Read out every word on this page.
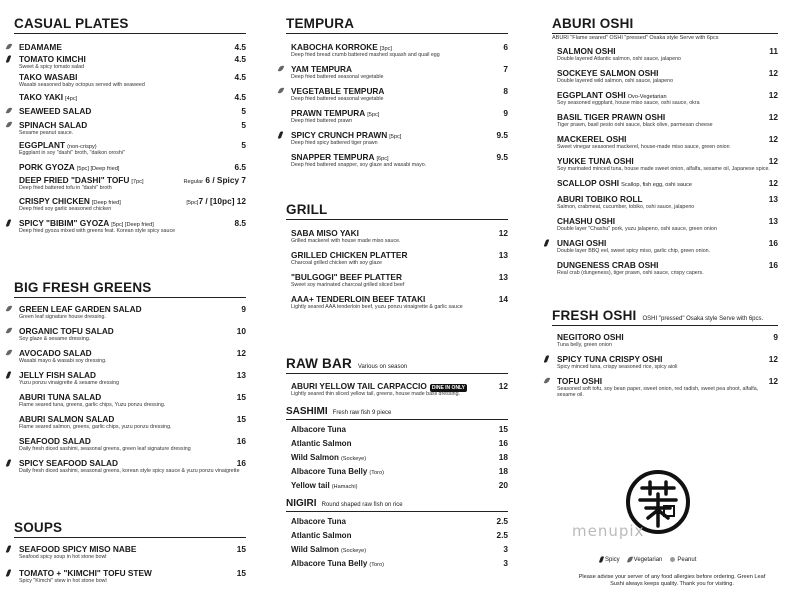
CASUAL PLATES
EDAMAME	4.5
TOMATO KIMCHI	4.5
Sweet & spicy tomato salad
TAKO WASABI	4.5
Wasabi seasoned baby octopus served with seaweed
TAKO YAKI [4pc]	4.5
SEAWEED SALAD	5
SPINACH SALAD	5
Sesame peanut sauce.
EGGPLANT (non-crispy)	5
Eggplant in soy "dashi" broth, "daikon oroshi"
PORK GYOZA [5pc] [Deep fried]	6.5
DEEP FRIED "DASHI" TOFU [7pc]	Regular 6 / Spicy 7
Deep fried battered tofu in "dashi" broth
CRISPY CHICKEN [Deep fried]	[5pc]7 / [10pc] 12
Deep fried soy garlic seasoned chicken
SPICY "BIBIM" GYOZA [5pc] [Deep fried]	8.5
Deep fried gyoza mixed with greens feat. Korean style spicy sauce
BIG FRESH GREENS
GREEN LEAF GARDEN SALAD	9
Green leaf signature house dressing.
ORGANIC TOFU SALAD	10
Soy glaze & sesame dressing.
AVOCADO SALAD	12
Wasabi mayo & wasabi soy dressing.
JELLY FISH SALAD	13
Yuzu ponzu vinaigrette & sesame dressing
ABURI TUNA SALAD	15
Flame seared tuna, greens, garlic chips, Yuzu ponzu dressing.
ABURI SALMON SALAD	15
Flame seared salmon, greens, garlic chips, yuzu ponzu dressing.
SEAFOOD SALAD	16
Daily fresh diced sashimi, seasonal greens, green leaf signature dressing
SPICY SEAFOOD SALAD	16
Daily fresh diced sashimi, seasonal greens, korean style spicy sauce & yuzu ponzu vinaigrette
SOUPS
SEAFOOD SPICY MISO NABE	15
Seafood spicy soup in hot stone bowl
TOMATO + "KIMCHI" TOFU STEW	15
Spicy "Kimchi" stew in hot stone bowl
TEMPURA
KABOCHA KORROKE [3pc]	6
Deep fried bread crumb battered mashed squash and quail egg
YAM TEMPURA	7
Deep fried battered seasonal vegetable
VEGETABLE TEMPURA	8
Deep fried battered seasonal vegetable
PRAWN TEMPURA [5pc]	9
Deep fried battered prawn
SPICY CRUNCH PRAWN [5pc]	9.5
Deep fried spicy battered tiger prawn
SNAPPER TEMPURA [6pc]	9.5
Deep fried battered snapper, soy glaze and wasabi mayo.
GRILL
SABA MISO YAKI	12
Grilled mackerel with house made miso sauce.
GRILLED CHICKEN PLATTER	13
Charcoal grilled chicken with soy glaze
"BULGOGI" BEEF PLATTER	13
Sweet soy marinated charcoal grilled sliced beef
AAA+ TENDERLOIN BEEF TATAKI	14
Lightly seared AAA tenderloin beef, yuzu ponzu vinaigrette & garlic sauce
RAW BAR Various on season
ABURI YELLOW TAIL CARPACCIO DINE IN ONLY	12
Lightly seared thin sliced yellow tail, greens, house made basil dressing.
SASHIMI Fresh raw fish 9 piece
Albacore Tuna	15
Atlantic Salmon	16
Wild Salmon (Sockeye)	18
Albacore Tuna Belly (Toro)	18
Yellow tail (Hamachi)	20
NIGIRI Round shaped raw fish on rice
Albacore Tuna	2.5
Atlantic Salmon	2.5
Wild Salmon (Sockeye)	3
Albacore Tuna Belly (Toro)	3
ABURI OSHI
ABURI "Flame seared" OSHI "pressed" Osaka style Serve with 6pcs
SALMON OSHI	11
Double layered Atlantic salmon, oshi sauce, jalapeno
SOCKEYE SALMON OSHI	12
Double layered wild salmon, oshi sauce, jalapeno
EGGPLANT OSHI Ovo-Vegetarian	12
Soy seasoned eggplant, house miso sauce, oshi sauce, okra
BASIL TIGER PRAWN OSHI	12
Tiger prawn, basil pesto oshi sauce, black olive, parmesan cheese
MACKEREL OSHI	12
Sweet vinegar seasoned mackerel, house-made miso sauce, green onion
YUKKE TUNA OSHI	12
Soy marinated minced tuna, house made sweet onion, alfalfa, sesame oil, Japanese spice.
SCALLOP OSHI Scallop, fish egg, oshi sauce	12
ABURI TOBIKO ROLL	13
Salmon, crabmeat, cucumber, tobiko, oshi sauce, jalapeno
CHASHU OSHI	13
Double layer "Chashu" pork, yuzu jalapeno, oshi sauce, green onion
UNAGI OSHI	16
Double layer BBQ eel, sweet spicy miso, garlic chip, green onion.
DUNGENESS CRAB OSHI	16
Real crab (dungeness), tiger prawn, oshi sauce, crispy capers.
FRESH OSHI OSHI "pressed" Osaka style Serve with 6pcs.
NEGITORO OSHI	9
Tuna belly, green onion
SPICY TUNA CRISPY OSHI	12
Spicy minced tuna, crispy seasoned rice, spicy aioli
TOFU OSHI	12
Seasoned soft tofu, soy bean paper, sweet onion, red radish, sweet pea shoot, alfalfa, sesame oil.
menupix
Spicy Vegetarian	Peanut
Please advise your server of any food allergies before ordering. Green Leaf Sushi always keeps quality. Thank you for visiting.
